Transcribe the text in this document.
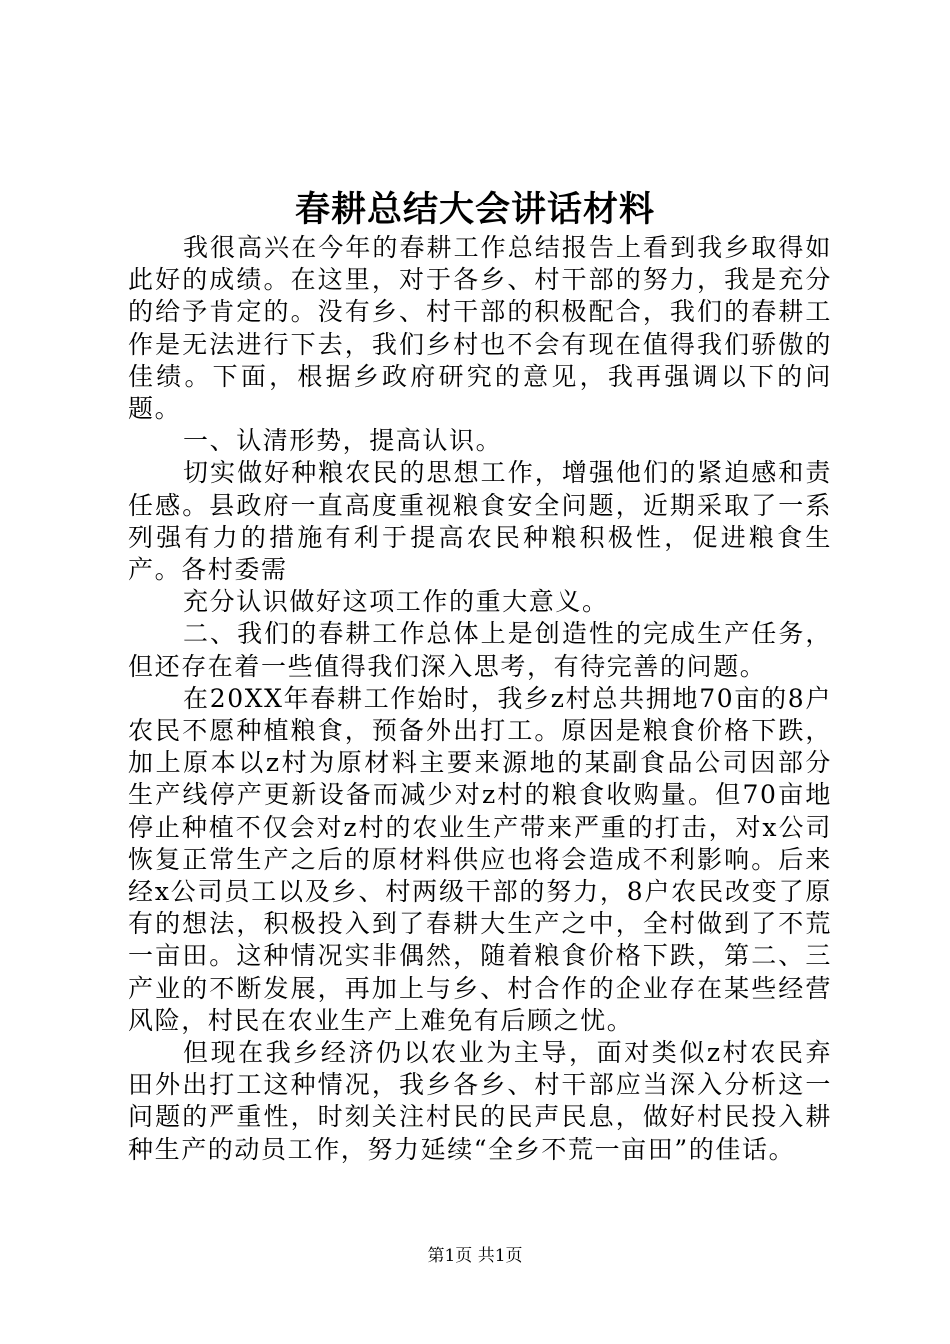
春耕总结大会讲话材料

我很高兴在今年的春耕工作总结报告上看到我乡取得如此好的成绩。在这里，对于各乡、村干部的努力，我是充分的给予肯定的。没有乡、村干部的积极配合，我们的春耕工作是无法进行下去，我们乡村也不会有现在值得我们骄傲的佳绩。下面，根据乡政府研究的意见，我再强调以下的问题。

一、认清形势，提高认识。

切实做好种粮农民的思想工作，增强他们的紧迫感和责任感。县政府一直高度重视粮食安全问题，近期采取了一系列强有力的措施有利于提高农民种粮积极性，促进粮食生产。各村委需

充分认识做好这项工作的重大意义。

二、我们的春耕工作总体上是创造性的完成生产任务，但还存在着一些值得我们深入思考，有待完善的问题。

在20XX年春耕工作始时，我乡z村总共拥地70亩的8户农民不愿种植粮食，预备外出打工。原因是粮食价格下跌，加上原本以z村为原材料主要来源地的某副食品公司因部分生产线停产更新设备而减少对z村的粮食收购量。但70亩地停止种植不仅会对z村的农业生产带来严重的打击，对x公司恢复正常生产之后的原材料供应也将会造成不利影响。后来经x公司员工以及乡、村两级干部的努力，8户农民改变了原有的想法，积极投入到了春耕大生产之中，全村做到了不荒一亩田。这种情况实非偶然，随着粮食价格下跌，第二、三产业的不断发展，再加上与乡、村合作的企业存在某些经营风险，村民在农业生产上难免有后顾之忧。

但现在我乡经济仍以农业为主导，面对类似z村农民弃田外出打工这种情况，我乡各乡、村干部应当深入分析这一问题的严重性，时刻关注村民的民声民息，做好村民投入耕种生产的动员工作，努力延续“全乡不荒一亩田”的佳话。

第1页 共1页
